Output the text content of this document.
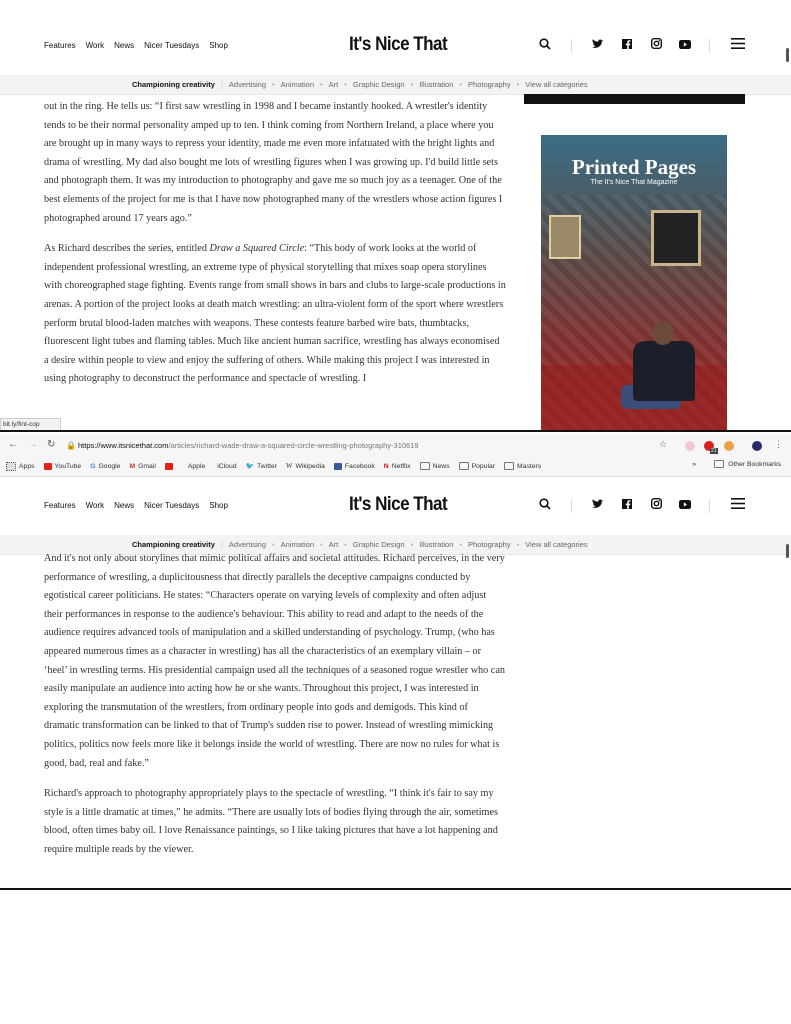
Features Work News Nicer Tuesdays Shop	It's Nice That
Championing creativity | Advertising • Animation • Art • Graphic Design • Illustration • Photography • View all categories

out in the ring. He tells us: “I first saw wrestling in 1998 and I became instantly hooked. A wrestler's identity tends to be their normal personality amped up to ten. I think coming from Northern Ireland, a place where you are brought up in many ways to repress your identity, made me even more infatuated with the bright lights and drama of wrestling. My dad also bought me lots of wrestling figures when I was growing up. I'd build little sets and photograph them. It was my introduction to photography and gave me so much joy as a teenager. One of the best elements of the project for me is that I have now photographed many of the wrestlers whose action figures I photographed around 17 years ago.”

As Richard describes the series, entitled Draw a Squared Circle: “This body of work looks at the world of independent professional wrestling, an extreme type of physical storytelling that mixes soap opera storylines with choreographed stage fighting. Events range from small shows in bars and clubs to large-scale productions in arenas. A portion of the project looks at death match wrestling: an ultra-violent form of the sport where wrestlers perform brutal blood-laden matches with weapons. These contests feature barbed wire bats, thumbtacks, fluorescent light tubes and flaming tables. Much like ancient human sacrifice, wrestling has always economised a desire within people to view and enjoy the suffering of others. While making this project I was interested in using photography to deconstruct the performance and spectacle of wrestling. I

Printed Pages
The It's Nice That Magazine
bit.ly/fint-cop
← → ↻ 🔒 https://www.itsnicethat.com/articles/richard-wade-draw-a-squared-circle-wrestling-photography-310619	☆
21
⋮
Apps	YouTube G Google M Gmail	Apple iCloud 🐦 Twitter W Wikipedia	Facebook N Netflix	News	Popular	Masters	»	Other Bookmarks
Features Work News Nicer Tuesdays Shop	It's Nice That
Championing creativity | Advertising • Animation • Art • Graphic Design • Illustration • Photography • View all categories

And it's not only about storylines that mimic political affairs and societal attitudes. Richard perceives, in the very performance of wrestling, a duplicitousness that directly parallels the deceptive campaigns conducted by egotistical career politicians. He states: “Characters operate on varying levels of complexity and often adjust their performances in response to the audience's behaviour. This ability to read and adapt to the needs of the audience requires advanced tools of manipulation and a skilled understanding of psychology. Trump, (who has appeared numerous times as a character in wrestling) has all the characteristics of an exemplary villain – or ‘heel’ in wrestling terms. His presidential campaign used all the techniques of a seasoned rogue wrestler who can easily manipulate an audience into acting how he or she wants. Throughout this project, I was interested in exploring the transmutation of the wrestlers, from ordinary people into gods and demigods. This kind of dramatic transformation can be linked to that of Trump's sudden rise to power. Instead of wrestling mimicking politics, politics now feels more like it belongs inside the world of wrestling. There are now no rules for what is good, bad, real and fake.”

Richard's approach to photography appropriately plays to the spectacle of wrestling. “I think it's fair to say my style is a little dramatic at times,” he admits. “There are usually lots of bodies flying through the air, sometimes blood, often times baby oil. I love Renaissance paintings, so I like taking pictures that have a lot happening and require multiple reads by the viewer.
